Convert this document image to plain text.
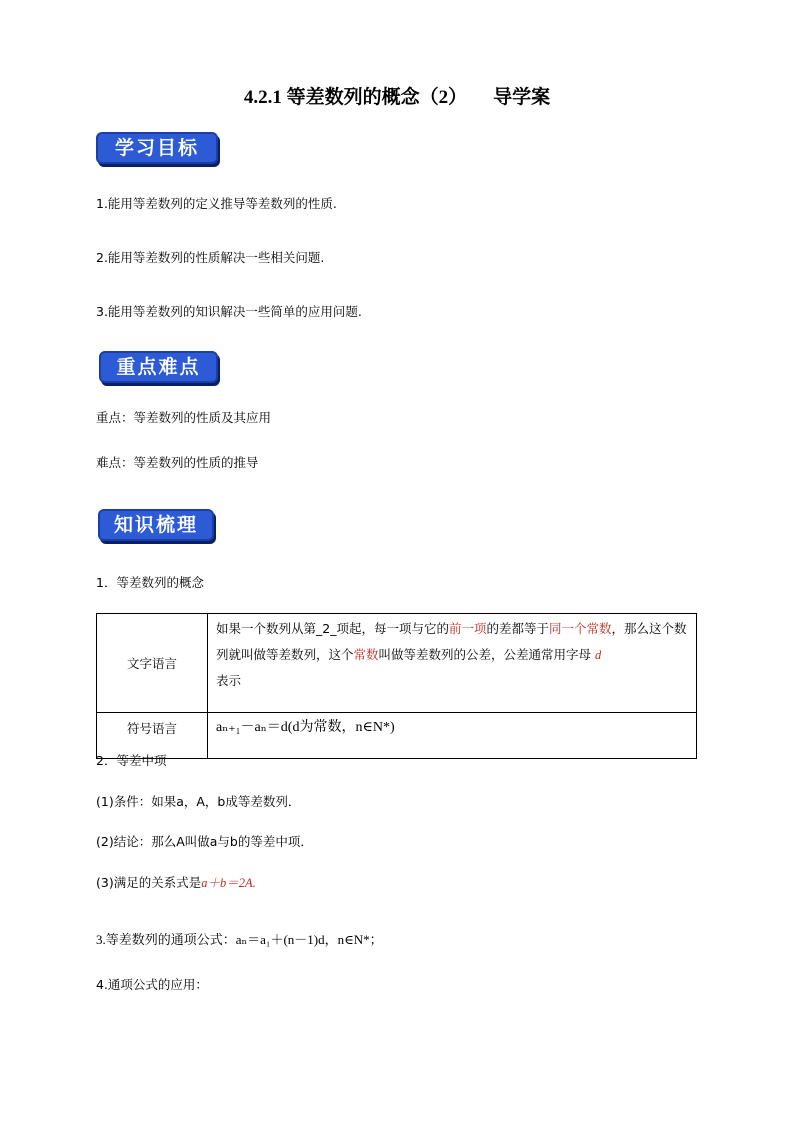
4.2.1 等差数列的概念（2） 导学案
学习目标
1.能用等差数列的定义推导等差数列的性质.
2.能用等差数列的性质解决一些相关问题.
3.能用等差数列的知识解决一些简单的应用问题.
重点难点
重点：等差数列的性质及其应用
难点：等差数列的性质的推导
知识梳理
1．等差数列的概念
文字语言	如果一个数列从第_2_项起，每一项与它的前一项的差都等于同一个常数，那么这个数列就叫做等差数列，这个常数叫做等差数列的公差，公差通常用字母 d
表示
符号语言	aₙ₊₁－aₙ＝d(d为常数，n∈N*)
2．等差中项
(1)条件：如果a，A，b成等差数列．
(2)结论：那么A叫做a与b的等差中项．
(3)满足的关系式是a＋b＝2A.
3.等差数列的通项公式：aₙ＝a₁＋(n－1)d，n∈N*；
4.通项公式的应用：
